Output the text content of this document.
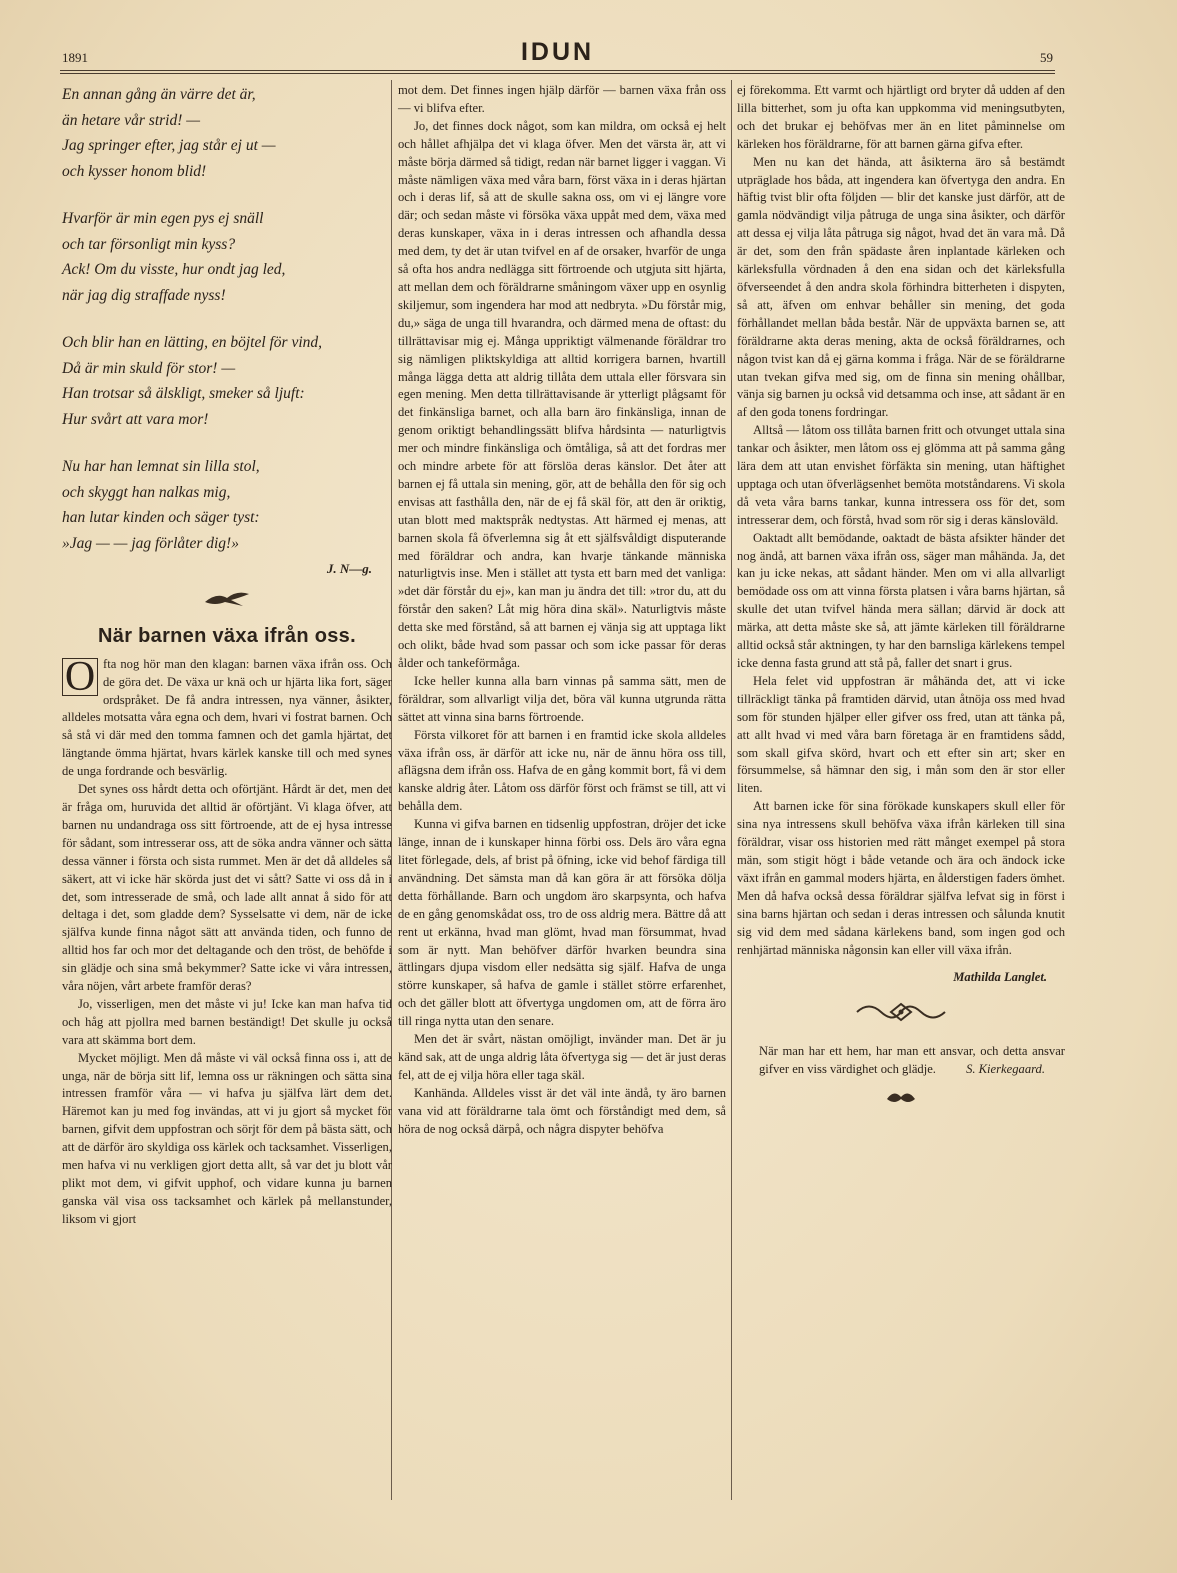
1891	IDUN	59
En annan gång än värre det är,
än hetare vår strid! —
Jag springer efter, jag står ej ut —
och kysser honom blid!
Hvarför är min egen pys ej snäll
och tar försonligt min kyss?
Ack! Om du visste, hur ondt jag led,
när jag dig straffade nyss!
Och blir han en lätting, en böjtel för vind,
Då är min skuld för stor! —
Han trotsar så älskligt, smeker så ljuft:
Hur svårt att vara mor!
Nu har han lemnat sin lilla stol,
och skyggt han nalkas mig,
han lutar kinden och säger tyst:
»Jag — — jag förlåter dig!»
J. N—g.
När barnen växa ifrån oss.

O fta nog hör man den klagan: barnen växa ifrån oss. Och de göra det. De växa ur knä och ur hjärta lika fort, säger ordspråket. De få andra intressen, nya vänner, åsikter, alldeles motsatta våra egna och dem, hvari vi fostrat barnen. Och så stå vi där med den tomma famnen och det gamla hjärtat, det längtande ömma hjärtat, hvars kärlek kanske till och med synes de unga fordrande och besvärlig.

Det synes oss hårdt detta och oförtjänt. Hårdt är det, men det är fråga om, huruvida det alltid är oförtjänt. Vi klaga öfver, att barnen nu undandraga oss sitt förtroende, att de ej hysa intresse för sådant, som intresserar oss, att de söka andra vänner och sätta dessa vänner i första och sista rummet. Men är det då alldeles så säkert, att vi icke här skörda just det vi sått? Satte vi oss då in i det, som intresserade de små, och lade allt annat å sido för att deltaga i det, som gladde dem? Sysselsatte vi dem, när de icke själfva kunde finna något sätt att använda tiden, och funno de alltid hos far och mor det deltagande och den tröst, de behöfde i sin glädje och sina små bekymmer? Satte icke vi våra intressen, våra nöjen, vårt arbete framför deras?

Jo, visserligen, men det måste vi ju! Icke kan man hafva tid och håg att pjollra med barnen beständigt! Det skulle ju också vara att skämma bort dem.

Mycket möjligt. Men då måste vi väl också finna oss i, att de unga, när de börja sitt lif, lemna oss ur räkningen och sätta sina intressen framför våra — vi hafva ju själfva lärt dem det. Häremot kan ju med fog invändas, att vi ju gjort så mycket för barnen, gifvit dem uppfostran och sörjt för dem på bästa sätt, och att de därför äro skyldiga oss kärlek och tacksamhet. Visserligen, men hafva vi nu verkligen gjort detta allt, så var det ju blott vår plikt mot dem, vi gifvit upphof, och vidare kunna ju barnen ganska väl visa oss tacksamhet och kärlek på mellanstunder, liksom vi gjort

mot dem. Det finnes ingen hjälp därför — barnen växa från oss — vi blifva efter.

Jo, det finnes dock något, som kan mildra, om också ej helt och hållet afhjälpa det vi klaga öfver. Men det värsta är, att vi måste börja därmed så tidigt, redan när barnet ligger i vaggan. Vi måste nämligen växa med våra barn, först växa in i deras hjärtan och i deras lif, så att de skulle sakna oss, om vi ej längre vore där; och sedan måste vi försöka växa uppåt med dem, växa med deras kunskaper, växa in i deras intressen och afhandla dessa med dem, ty det är utan tvifvel en af de orsaker, hvarför de unga så ofta hos andra nedlägga sitt förtroende och utgjuta sitt hjärta, att mellan dem och föräldrarne småningom växer upp en osynlig skiljemur, som ingendera har mod att nedbryta. »Du förstår mig, du,» säga de unga till hvarandra, och därmed mena de oftast: du tillrättavisar mig ej. Många uppriktigt välmenande föräldrar tro sig nämligen pliktskyldiga att alltid korrigera barnen, hvartill många lägga detta att aldrig tillåta dem uttala eller försvara sin egen mening. Men detta tillrättavisande är ytterligt plågsamt för det finkänsliga barnet, och alla barn äro finkänsliga, innan de genom oriktigt behandlingssätt blifva hårdsinta — naturligtvis mer och mindre finkänsliga och ömtåliga, så att det fordras mer och mindre arbete för att förslöa deras känslor. Det åter att barnen ej få uttala sin mening, gör, att de behålla den för sig och envisas att fasthålla den, när de ej få skäl för, att den är oriktig, utan blott med maktspråk nedtystas. Att härmed ej menas, att barnen skola få öfverlemna sig åt ett själfsvåldigt disputerande med föräldrar och andra, kan hvarje tänkande människa naturligtvis inse. Men i stället att tysta ett barn med det vanliga: »det där förstår du ej», kan man ju ändra det till: »tror du, att du förstår den saken? Låt mig höra dina skäl». Naturligtvis måste detta ske med förstånd, så att barnen ej vänja sig att upptaga likt och olikt, både hvad som passar och som icke passar för deras ålder och tankeförmåga.

Icke heller kunna alla barn vinnas på samma sätt, men de föräldrar, som allvarligt vilja det, böra väl kunna utgrunda rätta sättet att vinna sina barns förtroende.

Första vilkoret för att barnen i en framtid icke skola alldeles växa ifrån oss, är därför att icke nu, när de ännu höra oss till, aflägsna dem ifrån oss. Hafva de en gång kommit bort, få vi dem kanske aldrig åter. Låtom oss därför först och främst se till, att vi behålla dem.

Kunna vi gifva barnen en tidsenlig uppfostran, dröjer det icke länge, innan de i kunskaper hinna förbi oss. Dels äro våra egna litet förlegade, dels, af brist på öfning, icke vid behof färdiga till användning. Det sämsta man då kan göra är att försöka dölja detta förhållande. Barn och ungdom äro skarpsynta, och hafva de en gång genomskådat oss, tro de oss aldrig mera. Bättre då att rent ut erkänna, hvad man glömt, hvad man försummat, hvad som är nytt. Man behöfver därför hvarken beundra sina ättlingars djupa visdom eller nedsätta sig själf. Hafva de unga större kunskaper, så hafva de gamle i stället större erfarenhet, och det gäller blott att öfvertyga ungdomen om, att de förra äro till ringa nytta utan den senare.

Men det är svårt, nästan omöjligt, invänder man. Det är ju känd sak, att de unga aldrig låta öfvertyga sig — det är just deras fel, att de ej vilja höra eller taga skäl.

Kanhända. Alldeles visst är det väl inte ändå, ty äro barnen vana vid att föräldrarne tala ömt och förståndigt med dem, så höra de nog också därpå, och några dispyter behöfva

ej förekomma. Ett varmt och hjärtligt ord bryter då udden af den lilla bitterhet, som ju ofta kan uppkomma vid meningsutbyten, och det brukar ej behöfvas mer än en litet påminnelse om kärleken hos föräldrarne, för att barnen gärna gifva efter.

Men nu kan det hända, att åsikterna äro så bestämdt utpräglade hos båda, att ingendera kan öfvertyga den andra. En häftig tvist blir ofta följden — blir det kanske just därför, att de gamla nödvändigt vilja påtruga de unga sina åsikter, och därför att dessa ej vilja låta påtruga sig något, hvad det än vara må. Då är det, som den från spädaste åren inplantade kärleken och kärleksfulla vördnaden å den ena sidan och det kärleksfulla öfverseendet å den andra skola förhindra bitterheten i dispyten, så att, äfven om enhvar behåller sin mening, det goda förhållandet mellan båda består. När de uppväxta barnen se, att föräldrarne akta deras mening, akta de också föräldrarnes, och någon tvist kan då ej gärna komma i fråga. När de se föräldrarne utan tvekan gifva med sig, om de finna sin mening ohållbar, vänja sig barnen ju också vid detsamma och inse, att sådant är en af den goda tonens fordringar.

Alltså — låtom oss tillåta barnen fritt och otvunget uttala sina tankar och åsikter, men låtom oss ej glömma att på samma gång lära dem att utan envishet förfäkta sin mening, utan häftighet upptaga och utan öfverlägsenhet bemöta motståndarens. Vi skola då veta våra barns tankar, kunna intressera oss för det, som intresserar dem, och förstå, hvad som rör sig i deras känsloväld.

Oaktadt allt bemödande, oaktadt de bästa afsikter händer det nog ändå, att barnen växa ifrån oss, säger man måhända. Ja, det kan ju icke nekas, att sådant händer. Men om vi alla allvarligt bemödade oss om att vinna första platsen i våra barns hjärtan, så skulle det utan tvifvel hända mera sällan; därvid är dock att märka, att detta måste ske så, att jämte kärleken till föräldrarne alltid också står aktningen, ty har den barnsliga kärlekens tempel icke denna fasta grund att stå på, faller det snart i grus.

Hela felet vid uppfostran är måhända det, att vi icke tillräckligt tänka på framtiden därvid, utan åtnöja oss med hvad som för stunden hjälper eller gifver oss fred, utan att tänka på, att allt hvad vi med våra barn företaga är en framtidens sådd, som skall gifva skörd, hvart och ett efter sin art; sker en försummelse, så hämnar den sig, i mån som den är stor eller liten.

Att barnen icke för sina förökade kunskapers skull eller för sina nya intressens skull behöfva växa ifrån kärleken till sina föräldrar, visar oss historien med rätt månget exempel på stora män, som stigit högt i både vetande och ära och ändock icke växt ifrån en gammal moders hjärta, en ålderstigen faders ömhet. Men då hafva också dessa föräldrar själfva lefvat sig in först i sina barns hjärtan och sedan i deras intressen och sålunda knutit sig vid dem med sådana kärlekens band, som ingen god och renhjärtad människa någonsin kan eller vill växa ifrån.

Mathilda Langlet.
När man har ett hem, har man ett ansvar, och detta ansvar gifver en viss värdighet och glädje.	S. Kierkegaard.
